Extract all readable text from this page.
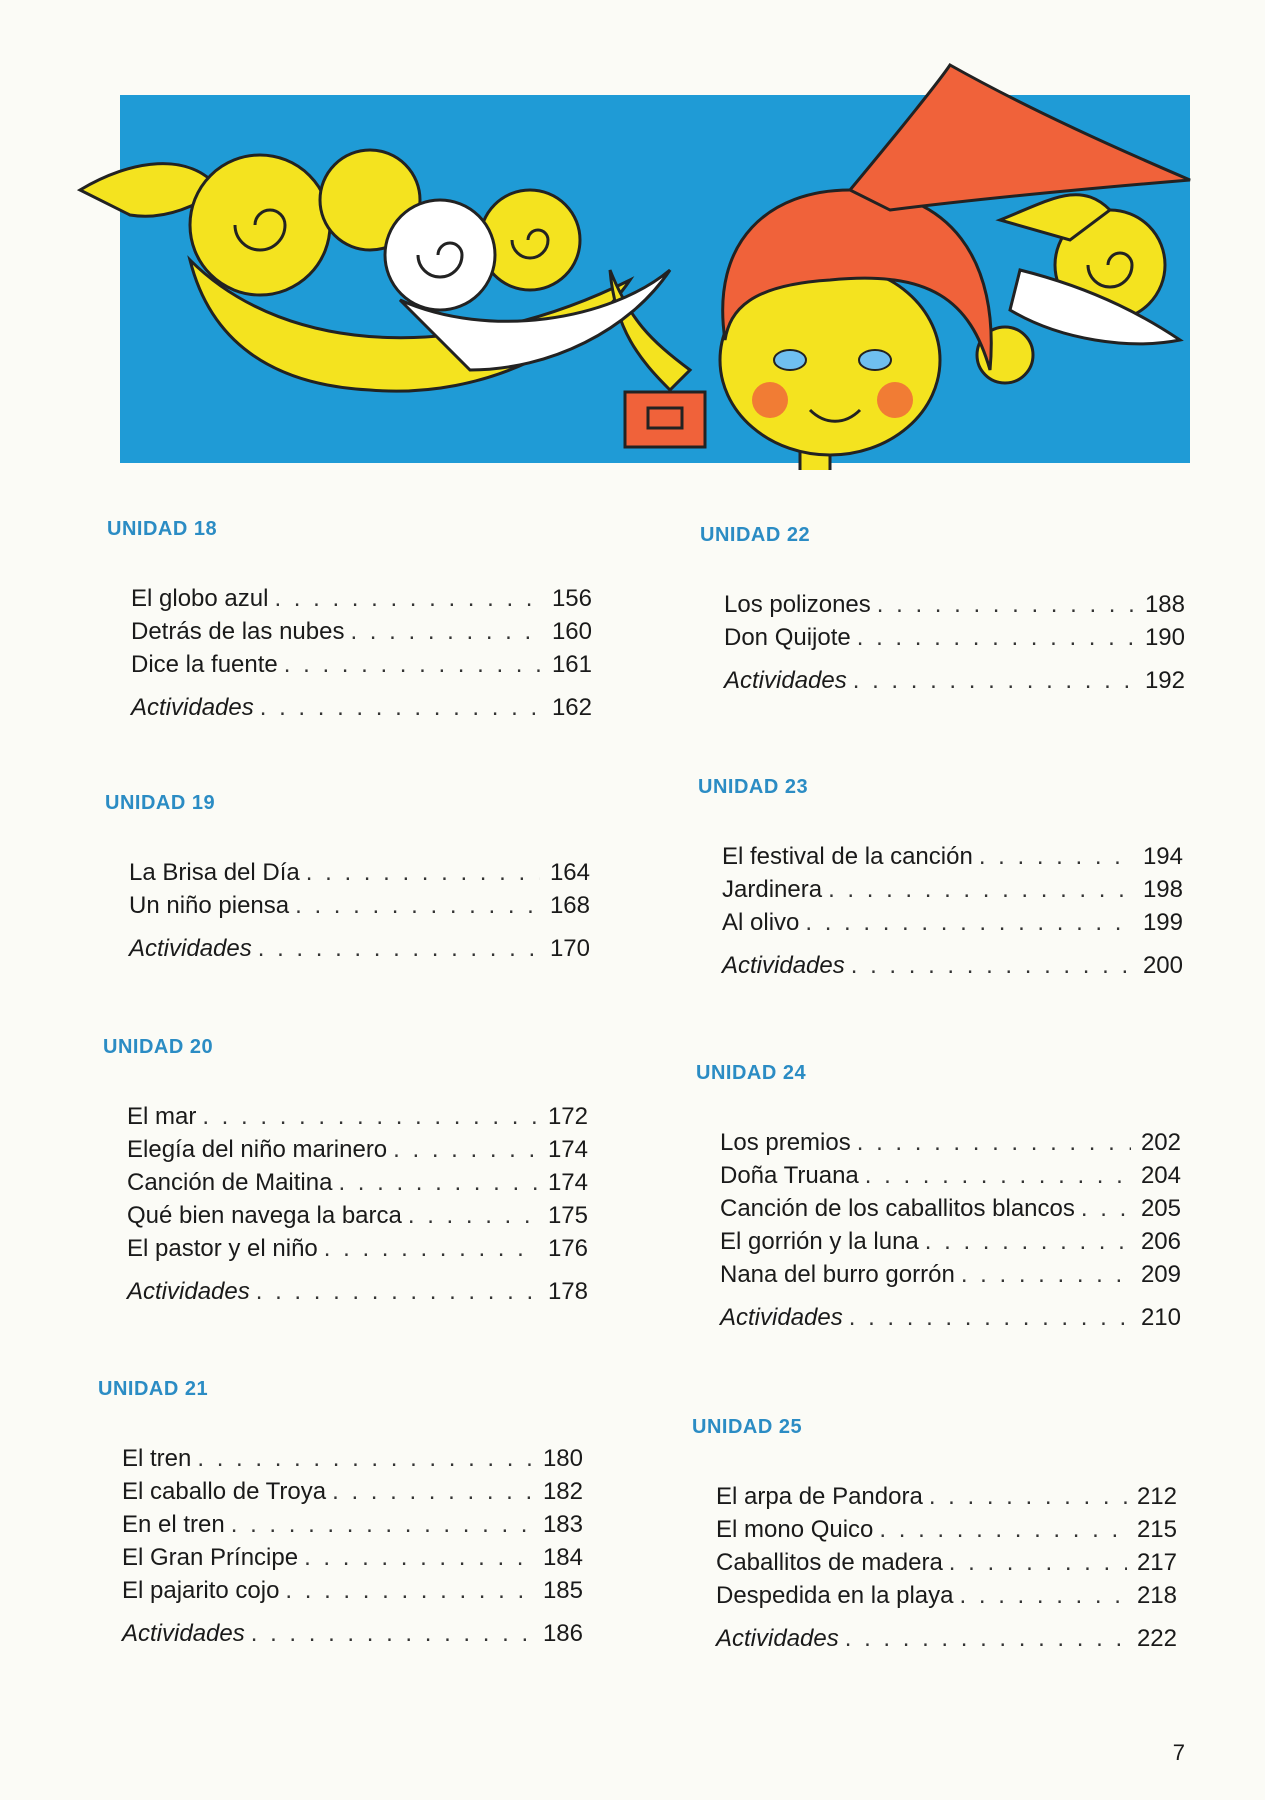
UNIDAD 18
El globo azul . . .	156
Detrás de las nubes . . .	160
Dice la fuente . . .	161
Actividades . . .	162
UNIDAD 19
La Brisa del Día . . .	164
Un niño piensa . . .	168
Actividades . . .	170
UNIDAD 20
El mar . . .	172
Elegía del niño marinero . . .	174
Canción de Maitina . . .	174
Qué bien navega la barca . . .	175
El pastor y el niño . . .	176
Actividades . . .	178
UNIDAD 21
El tren . . .	180
El caballo de Troya . . .	182
En el tren . . .	183
El Gran Príncipe . . .	184
El pajarito cojo . . .	185
Actividades . . .	186
UNIDAD 22
Los polizones . . .	188
Don Quijote . . .	190
Actividades . . .	192
UNIDAD 23
El festival de la canción . . .	194
Jardinera . . .	198
Al olivo . . .	199
Actividades . . .	200
UNIDAD 24
Los premios . . .	202
Doña Truana . . .	204
Canción de los caballitos blancos . . .	205
El gorrión y la luna . . .	206
Nana del burro gorrón . . .	209
Actividades . . .	210
UNIDAD 25
El arpa de Pandora . . .	212
El mono Quico . . .	215
Caballitos de madera . . .	217
Despedida en la playa . . .	218
Actividades . . .	222
7
